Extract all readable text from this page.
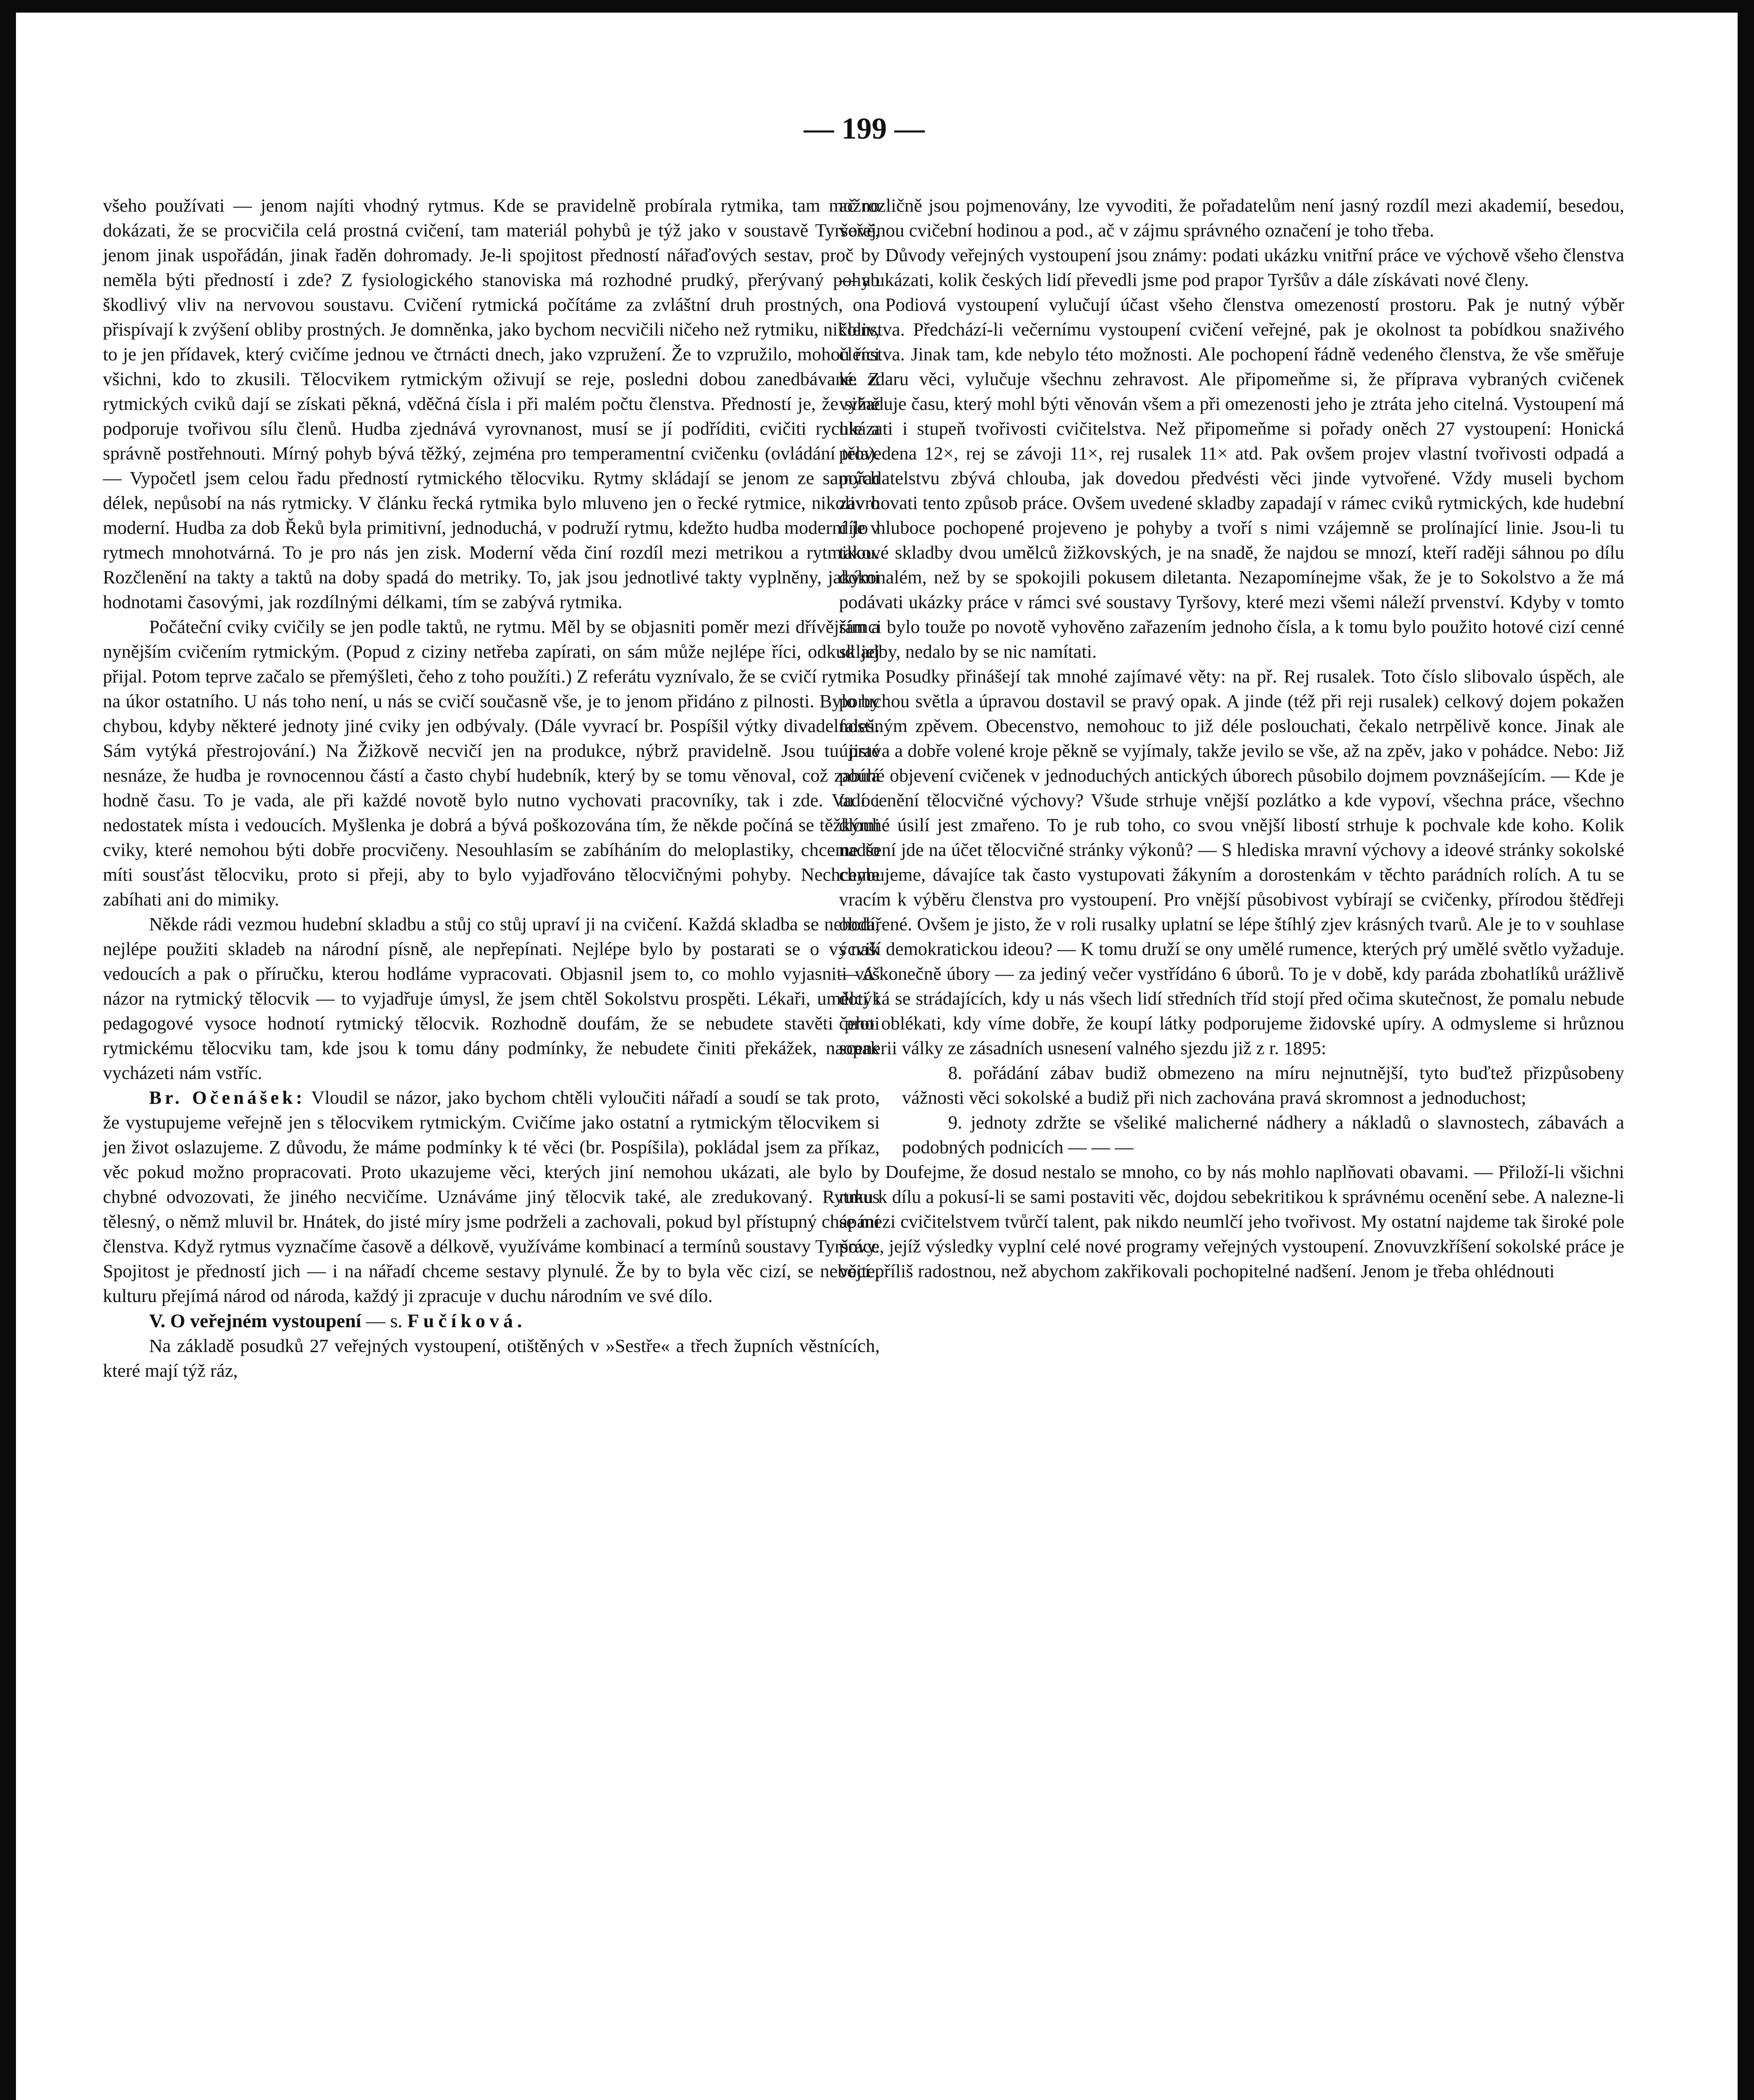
— 199 —

všeho používati — jenom najíti vhodný rytmus. Kde se pravidelně probírala rytmika, tam možno dokázati, že se procvičila celá prostná cvičení, tam materiál pohybů je týž jako v soustavě Tyršově, jenom jinak uspořádán, jinak řaděn dohromady. Je-li spojitost předností nářaďových sestav, proč by neměla býti předností i zde? Z fysiologického stanoviska má rozhodné prudký, přerývaný pohyb škodlivý vliv na nervovou soustavu. Cvičení rytmická počítáme za zvláštní druh prostných, ona přispívají k zvýšení obliby prostných. Je domněnka, jako bychom necvičili ničeho než rytmiku, nikoliv, to je jen přídavek, který cvičíme jednou ve čtrnácti dnech, jako vzpružení. Že to vzpružilo, mohou říci všichni, kdo to zkusili. Tělocvikem rytmickým oživují se reje, posledni dobou zanedbávané. Z rytmických cviků dají se získati pěkná, vděčná čísla i při malém počtu členstva. Předností je, že silně podporuje tvořivou sílu členů. Hudba zjednává vyrovnanost, musí se jí podříditi, cvičiti rychle a správně postřehnouti. Mírný pohyb bývá těžký, zejména pro temperamentní cvičenku (ovládání těla). — Vypočetl jsem celou řadu předností rytmického tělocviku. Rytmy skládají se jenom ze samých délek, nepůsobí na nás rytmicky. V článku řecká rytmika bylo mluveno jen o řecké rytmice, nikoliv o moderní. Hudba za dob Řeků byla primitivní, jednoduchá, v podruží rytmu, kdežto hudba moderní je v rytmech mnohotvárná. To je pro nás jen zisk. Moderní věda činí rozdíl mezi metrikou a rytmikou. Rozčlenění na takty a taktů na doby spadá do metriky. To, jak jsou jednotlivé takty vyplněny, jakými hodnotami časovými, jak rozdílnými délkami, tím se zabývá rytmika.

Počáteční cviky cvičily se jen podle taktů, ne rytmu. Měl by se objasniti poměr mezi dřívějším a nynějším cvičením rytmickým. (Popud z ciziny netřeba zapírati, on sám může nejlépe říci, odkud jej přijal. Potom teprve začalo se přemýšleti, čeho z toho použíti.) Z referátu vyznívalo, že se cvičí rytmika na úkor ostatního. U nás toho není, u nás se cvičí současně vše, je to jenom přidáno z pilnosti. Bylo by chybou, kdyby některé jednoty jiné cviky jen odbývaly. (Dále vyvrací br. Pospíšil výtky divadelnosti. Sám vytýká přestrojování.) Na Žižkově necvičí jen na produkce, nýbrž pravidelně. Jsou tu jisté nesnáze, že hudba je rovnocennou částí a často chybí hudebník, který by se tomu věnoval, což zabírá hodně času. To je vada, ale při každé novotě bylo nutno vychovati pracovníky, tak i zde. Vadí i nedostatek místa i vedoucích. Myšlenka je dobrá a bývá poškozována tím, že někde počíná se těžkými cviky, které nemohou býti dobře procvičeny. Nesouhlasím se zabíháním do meloplastiky, chceme to míti sousťást tělocviku, proto si přeji, aby to bylo vyjadřováno tělocvičnými pohyby. Nechceme zabíhati ani do mimiky.

Někde rádi vezmou hudební skladbu a stůj co stůj upraví ji na cvičení. Každá skladba se nehodí, nejlépe použiti skladeb na národní písně, ale nepřepínati. Nejlépe bylo by postarati se o výcvik vedoucích a pak o příručku, kterou hodláme vypracovati. Objasnil jsem to, co mohlo vyjasniti váš názor na rytmický tělocvik — to vyjadřuje úmysl, že jsem chtěl Sokolstvu prospěti. Lékaři, umělci i pedagogové vysoce hodnotí rytmický tělocvik. Rozhodně doufám, že se nebudete stavěti proti rytmickému tělocviku tam, kde jsou k tomu dány podmínky, že nebudete činiti překážek, naopak vycházeti nám vstříc.

Br. Očenášek: Vloudil se názor, jako bychom chtěli vyloučiti nářadí a soudí se tak proto, že vystupujeme veřejně jen s tělocvikem rytmickým. Cvičíme jako ostatní a rytmickým tělocvikem si jen život oslazujeme. Z důvodu, že máme podmínky k té věci (br. Pospíšila), pokládal jsem za příkaz, věc pokud možno propracovati. Proto ukazujeme věci, kterých jiní nemohou ukázati, ale bylo by chybné odvozovati, že jiného necvičíme. Uznáváme jiný tělocvik také, ale zredukovaný. Rytmus tělesný, o němž mluvil br. Hnátek, do jisté míry jsme podrželi a zachovali, pokud byl přístupný chápání členstva. Když rytmus vyznačíme časově a délkově, využíváme kombinací a termínů soustavy Tyršovy. Spojitost je předností jich — i na nářadí chceme sestavy plynulé. Že by to byla věc cizí, se nebojte, kulturu přejímá národ od národa, každý ji zpracuje v duchu národním ve své dílo.

V. O veřejném vystoupení — s. Fučíková.

Na základě posudků 27 veřejných vystoupení, otištěných v »Sestře« a třech župních věstnících, které mají týž ráz,

ač rozličně jsou pojmenovány, lze vyvoditi, že pořadatelům není jasný rozdíl mezi akademií, besedou, veřejnou cvičební hodinou a pod., ač v zájmu správného označení je toho třeba.

Důvody veřejných vystoupení jsou známy: podati ukázku vnitřní práce ve výchově všeho členstva — a ukázati, kolik českých lidí převedli jsme pod prapor Tyršův a dále získávati nové členy.

Podiová vystoupení vylučují účast všeho členstva omezeností prostoru. Pak je nutný výběr členstva. Předchází-li večernímu vystoupení cvičení veřejné, pak je okolnost ta pobídkou snaživého členstva. Jinak tam, kde nebylo této možnosti. Ale pochopení řádně vedeného členstva, že vše směřuje ke zdaru věci, vylučuje všechnu zehravost. Ale připomeňme si, že příprava vybraných cvičenek vyžaduje času, který mohl býti věnován všem a při omezenosti jeho je ztráta jeho citelná. Vystoupení má ukázati i stupeň tvořivosti cvičitelstva. Než připomeňme si pořady oněch 27 vystoupení: Honická provedena 12×, rej se závoji 11×, rej rusalek 11× atd. Pak ovšem projev vlastní tvořivosti odpadá a pořadatelstvu zbývá chlouba, jak dovedou předvésti věci jinde vytvořené. Vždy museli bychom zavrhovati tento způsob práce. Ovšem uvedené skladby zapadají v rámec cviků rytmických, kde hudební dílo hluboce pochopené projeveno je pohyby a tvoří s nimi vzájemně se prolínající linie. Jsou-li tu takové skladby dvou umělců žižkovských, je na snadě, že najdou se mnozí, kteří raději sáhnou po dílu dokonalém, než by se spokojili pokusem diletanta. Nezapomínejme však, že je to Sokolstvo a že má podávati ukázky práce v rámci své soustavy Tyršovy, které mezi všemi náleží prvenství. Kdyby v tomto rámci bylo touže po novotě vyhověno zařazením jednoho čísla, a k tomu bylo použito hotové cizí cenné skladby, nedalo by se nic namítati.

Posudky přinášejí tak mnohé zajímavé věty: na př. Rej rusalek. Toto číslo slibovalo úspěch, ale poruchou světla a úpravou dostavil se pravý opak. A jinde (též při reji rusalek) celkový dojem pokažen falešným zpěvem. Obecenstvo, nemohouc to již déle poslouchati, čekalo netrpělivě konce. Jinak ale úprava a dobře volené kroje pěkně se vyjímaly, takže jevilo se vše, až na zpěv, jako v pohádce. Nebo: Již pouhé objevení cvičenek v jednoduchých antických úborech působilo dojmem povznášejícím. — Kde je tu ocenění tělocvičné výchovy? Všude strhuje vnější pozlátko a kde vypoví, všechna práce, všechno dlouhé úsilí jest zmařeno. To je rub toho, co svou vnější libostí strhuje k pochvale kde koho. Kolik nadšení jde na účet tělocvičné stránky výkonů? — S hlediska mravní výchovy a ideové stránky sokolské chybujeme, dávajíce tak často vystupovati žákyním a dorostenkám v těchto parádních rolích. A tu se vracím k výběru členstva pro vystoupení. Pro vnější působivost vybírají se cvičenky, přírodou štědřeji obdařené. Ovšem je jisto, že v roli rusalky uplatní se lépe štíhlý zjev krásných tvarů. Ale je to v souhlase s naší demokratickou ideou? — K tomu druží se ony umělé rumence, kterých prý umělé světlo vyžaduje. — A konečně úbory — za jediný večer vystřídáno 6 úborů. To je v době, kdy paráda zbohatlíků urážlivě dotýká se strádajících, kdy u nás všech lidí středních tříd stojí před očima skutečnost, že pomalu nebude čeho oblékati, kdy víme dobře, že koupí látky podporujeme židovské upíry. A odmysleme si hrůznou scenerii války ze zásadních usnesení valného sjezdu již z r. 1895:

8. pořádání zábav budiž obmezeno na míru nejnutnější, tyto buďtež přizpůsobeny vážnosti věci sokolské a budiž při nich zachována pravá skromnost a jednoduchost;

9. jednoty zdržte se všeliké malicherné nádhery a nákladů o slavnostech, zábavách a podobných podnicích — — —

Doufejme, že dosud nestalo se mnoho, co by nás mohlo naplňovati obavami. — Přiloží-li všichni ruku k dílu a pokusí-li se sami postaviti věc, dojdou sebekritikou k správnému ocenění sebe. A nalezne-li se mezi cvičitelstvem tvůrčí talent, pak nikdo neumlčí jeho tvořivost. My ostatní najdeme tak široké pole práce, jejíž výsledky vyplní celé nové programy veřejných vystoupení. Znovuvzkříšení sokolské práce je věcí příliš radostnou, než abychom zakřikovali pochopitelné nadšení. Jenom je třeba ohlédnouti
